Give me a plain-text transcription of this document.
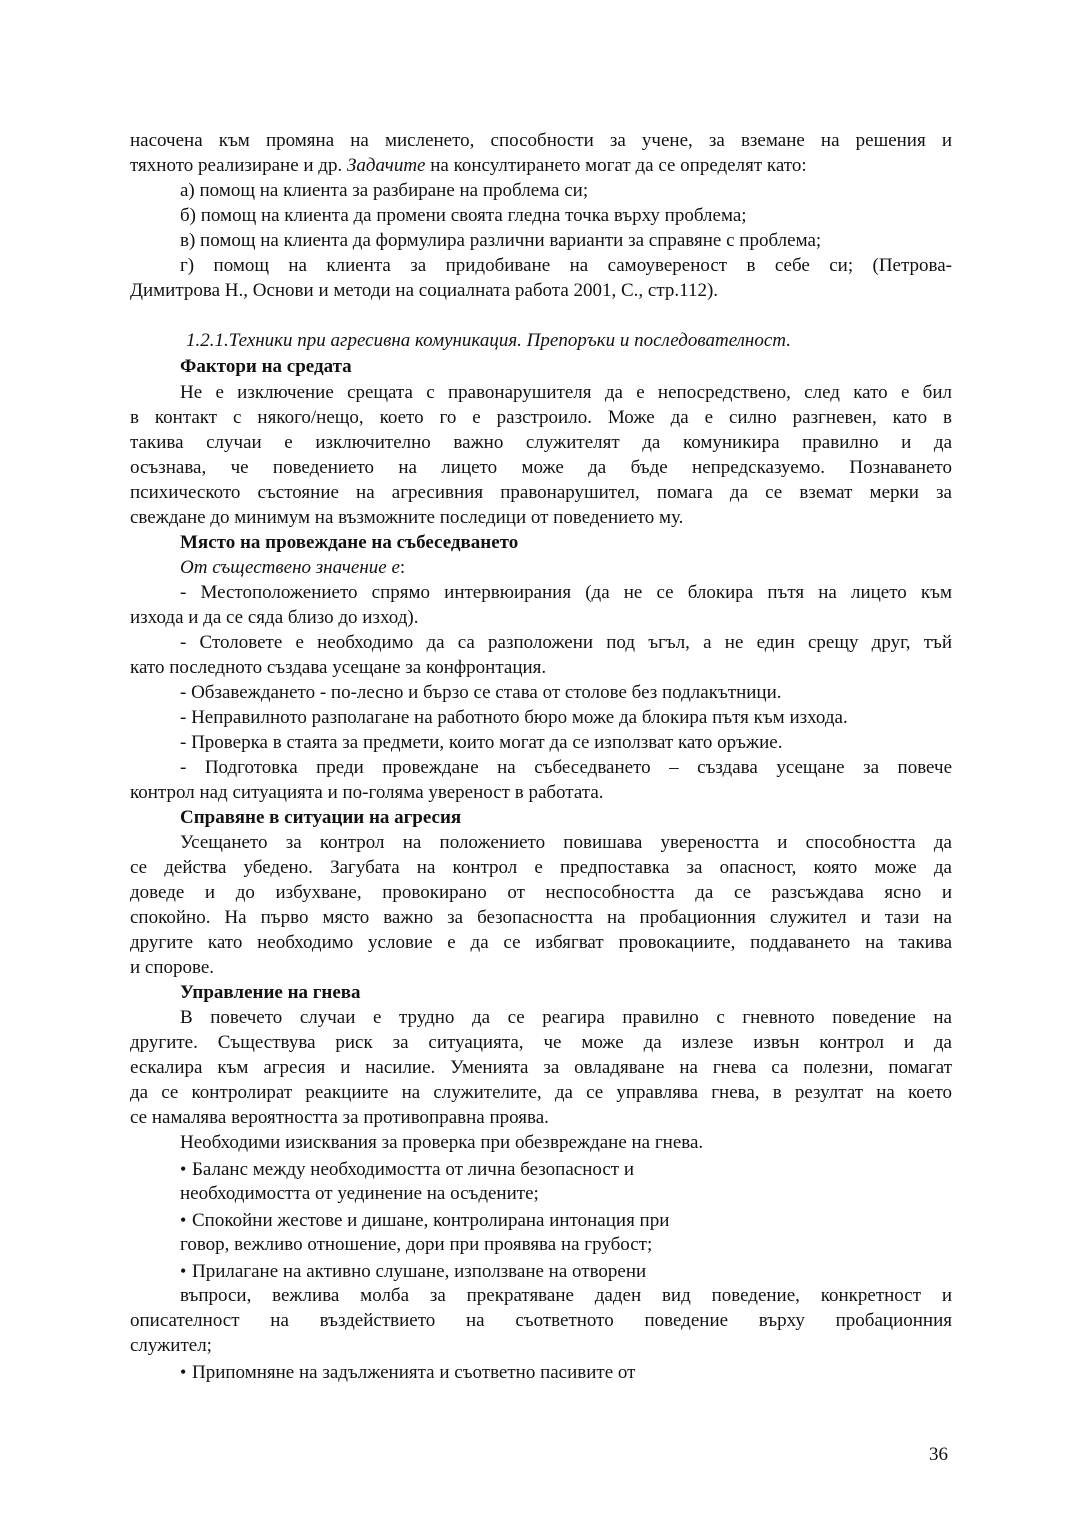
насочена към промяна на мисленето, способности за учене, за вземане на решения и
тяхното реализиране и др. Задачите на консултирането могат да се определят като:
а) помощ на клиента за разбиране на проблема си;
б) помощ на клиента да промени своята гледна точка върху проблема;
в) помощ на клиента да формулира различни варианти за справяне с проблема;
г) помощ на клиента за придобиване на самоувереност в себе си; (Петрова-
Димитрова Н., Основи и методи на социалната работа 2001, С., стр.112).
1.2.1.Техники при агресивна комуникация. Препоръки и последователност.
Фактори на средата
Не е изключение срещата с правонарушителя да е непосредствено, след като е бил
в контакт с някого/нещо, което го е разстроило. Може да е силно разгневен, като в
такива случаи е изключително важно служителят да комуникира правилно и да
осъзнава, че поведението на лицето може да бъде непредсказуемо. Познаването
психическото състояние на агресивния правонарушител, помага да се вземат мерки за
свеждане до минимум на възможните последици от поведението му.
Място на провеждане на събеседването
От съществено значение е:
- Местоположението спрямо интервюирания (да не се блокира пътя на лицето към
изхода и да се сяда близо до изход).
- Столовете е необходимо да са разположени под ъгъл, а не един срещу друг, тъй
като последното създава усещане за конфронтация.
- Обзавеждането - по-лесно и бързо се става от столове без подлакътници.
- Неправилното разполагане на работното бюро може да блокира пътя към изхода.
- Проверка в стаята за предмети, които могат да се използват като оръжие.
- Подготовка преди провеждане на събеседването – създава усещане за повече
контрол над ситуацията и по-голяма увереност в работата.
Справяне в ситуации на агресия
Усещането за контрол на положението повишава увереността и способността да
се действа убедено. Загубата на контрол е предпоставка за опасност, която може да
доведе и до избухване, провокирано от неспособността да се разсъждава ясно и
спокойно. На първо място важно за безопасността на пробационния служител и тази на
другите като необходимо условие е да се избягват провокациите, поддаването на такива
и спорове.
Управление на гнева
В повечето случаи е трудно да се реагира правилно с гневното поведение на
другите. Съществува риск за ситуацията, че може да излезе извън контрол и да
ескалира към агресия и насилие. Уменията за овладяване на гнева са полезни, помагат
да се контролират реакциите на служителите, да се управлява гнева, в резултат на което
се намалява вероятността за противоправна проява.
Необходими изисквания за проверка при обезвреждане на гнева.
• Баланс между необходимостта от лична безопасност и
необходимостта от уединение на осъдените;
• Спокойни жестове и дишане, контролирана интонация при
говор, вежливо отношение, дори при проявява на грубост;
• Прилагане на активно слушане, използване на отворени
въпроси, вежлива молба за прекратяване даден вид поведение, конкретност и
описателност на въздействието на съответното поведение върху пробационния
служител;
• Припомняне на задълженията и съответно пасивите от
36
